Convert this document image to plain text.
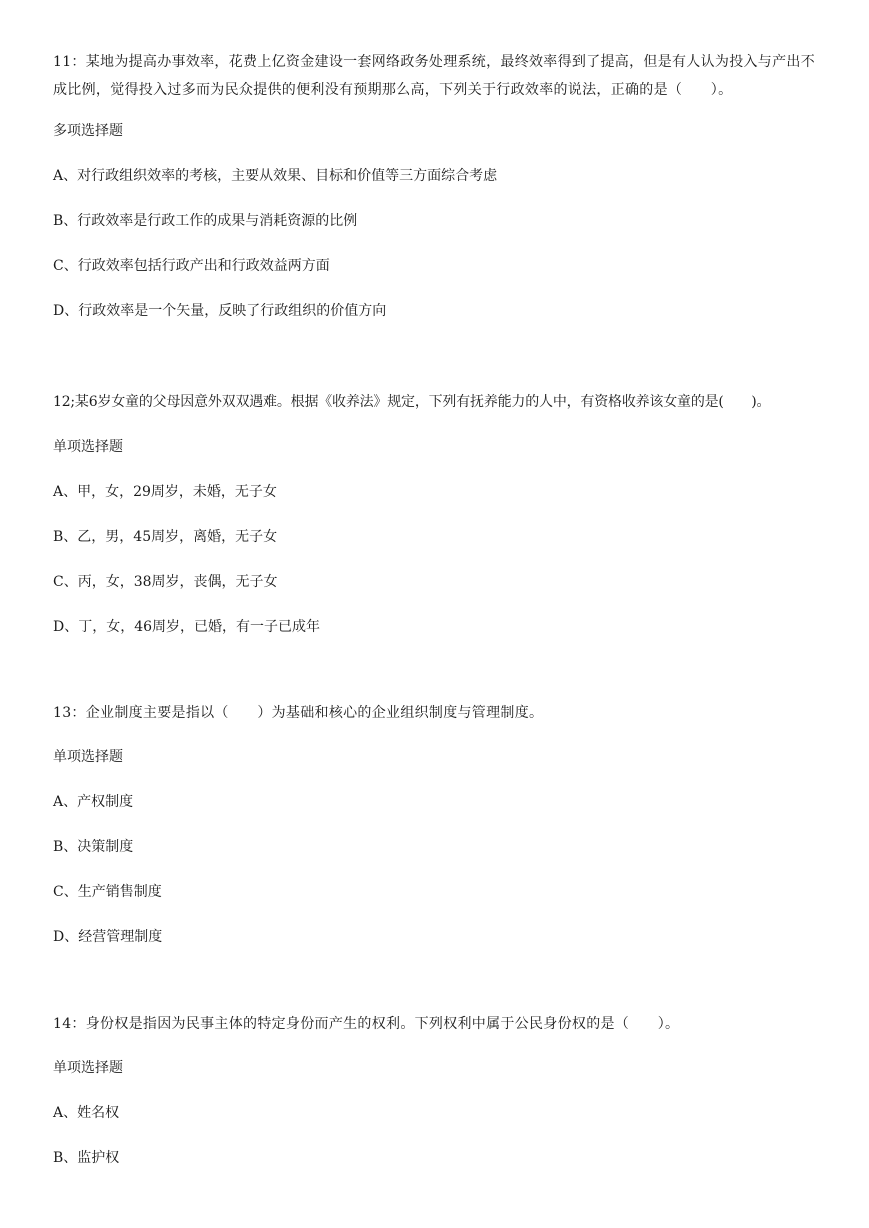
11：某地为提高办事效率，花费上亿资金建设一套网络政务处理系统，最终效率得到了提高，但是有人认为投入与产出不成比例，觉得投入过多而为民众提供的便利没有预期那么高，下列关于行政效率的说法，正确的是（　　）。

多项选择题

A、对行政组织效率的考核，主要从效果、目标和价值等三方面综合考虑

B、行政效率是行政工作的成果与消耗资源的比例

C、行政效率包括行政产出和行政效益两方面

D、行政效率是一个矢量，反映了行政组织的价值方向

12;某6岁女童的父母因意外双双遇难。根据《收养法》规定，下列有抚养能力的人中，有资格收养该女童的是(　　)。

单项选择题

A、甲，女，29周岁，未婚，无子女

B、乙，男，45周岁，离婚，无子女

C、丙，女，38周岁，丧偶，无子女

D、丁，女，46周岁，已婚，有一子已成年

13：企业制度主要是指以（　　）为基础和核心的企业组织制度与管理制度。

单项选择题

A、产权制度

B、决策制度

C、生产销售制度

D、经营管理制度

14：身份权是指因为民事主体的特定身份而产生的权利。下列权利中属于公民身份权的是（　　）。

单项选择题

A、姓名权

B、监护权
